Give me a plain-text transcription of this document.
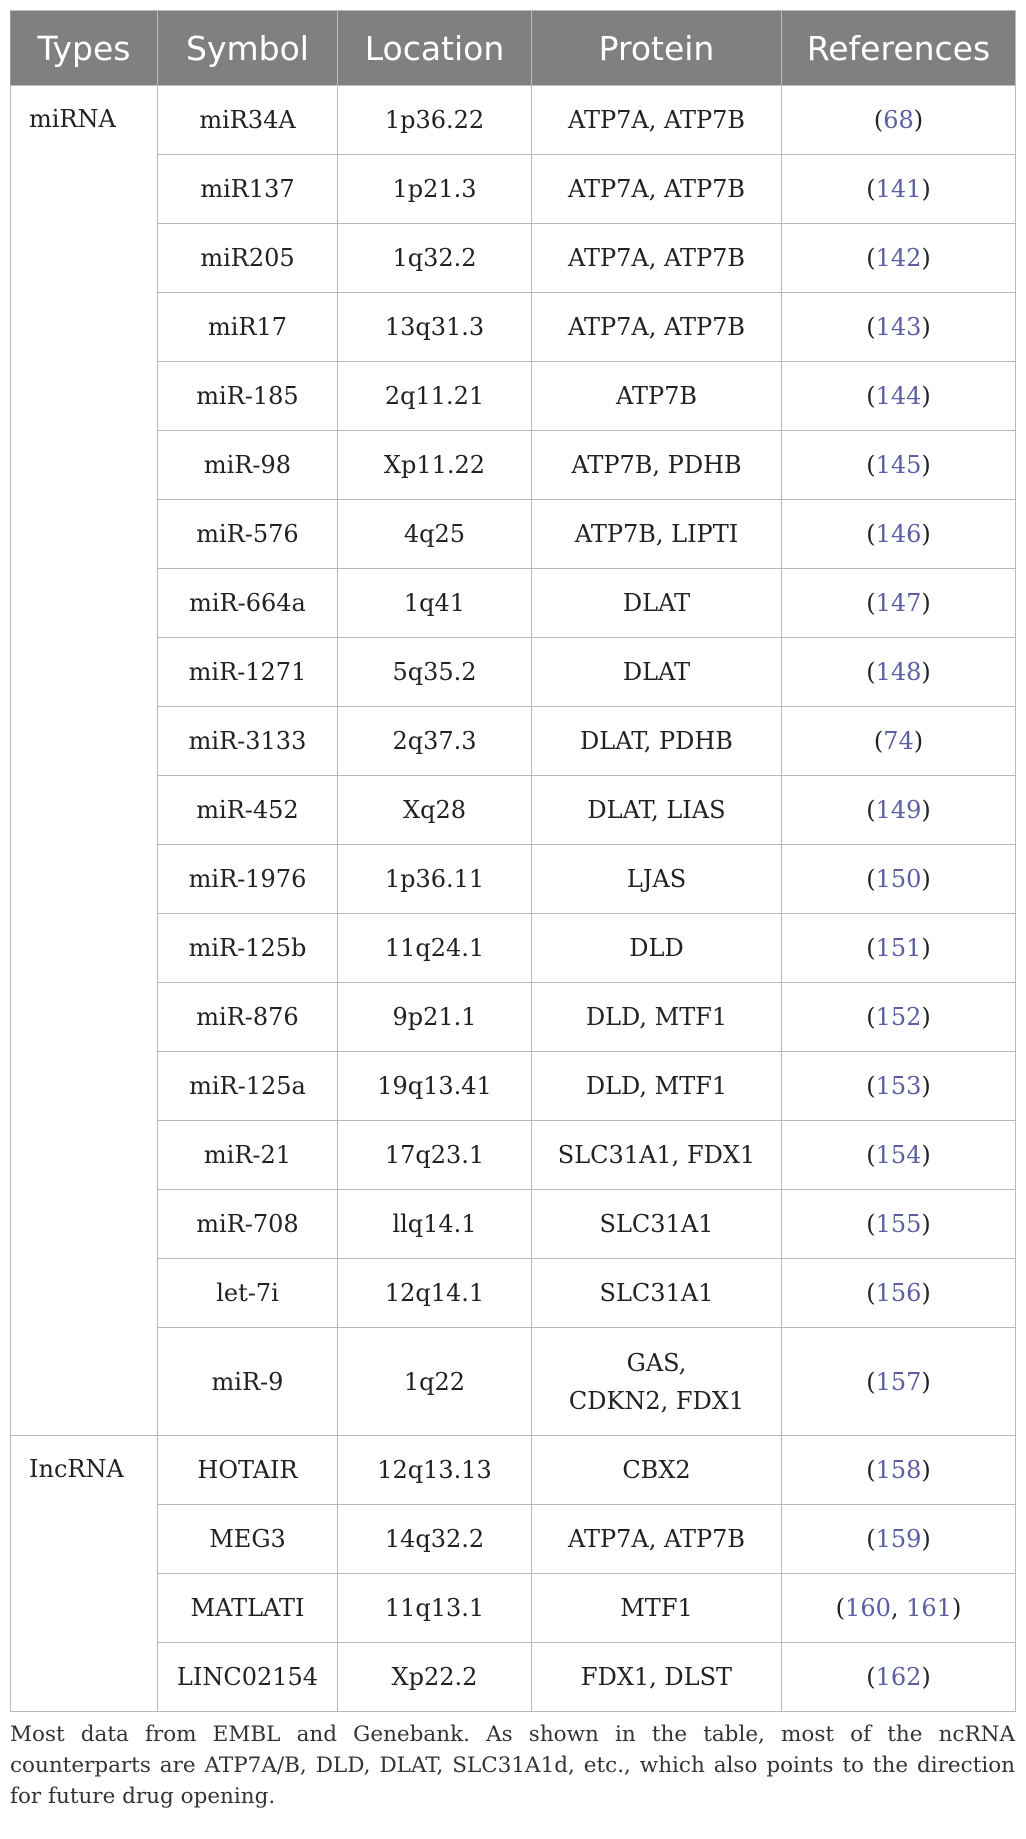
Types	Symbol	Location	Protein	References
miRNA	miR34A	1p36.22	ATP7A, ATP7B	(68)
	miR137	1p21.3	ATP7A, ATP7B	(141)
	miR205	1q32.2	ATP7A, ATP7B	(142)
	miR17	13q31.3	ATP7A, ATP7B	(143)
	miR-185	2q11.21	ATP7B	(144)
	miR-98	Xp11.22	ATP7B, PDHB	(145)
	miR-576	4q25	ATP7B, LIPTI	(146)
	miR-664a	1q41	DLAT	(147)
	miR-1271	5q35.2	DLAT	(148)
	miR-3133	2q37.3	DLAT, PDHB	(74)
	miR-452	Xq28	DLAT, LIAS	(149)
	miR-1976	1p36.11	LJAS	(150)
	miR-125b	11q24.1	DLD	(151)
	miR-876	9p21.1	DLD, MTF1	(152)
	miR-125a	19q13.41	DLD, MTF1	(153)
	miR-21	17q23.1	SLC31A1, FDX1	(154)
	miR-708	llq14.1	SLC31A1	(155)
	let-7i	12q14.1	SLC31A1	(156)
	miR-9	1q22	GAS,
CDKN2, FDX1	(157)
IncRNA	HOTAIR	12q13.13	CBX2	(158)
	MEG3	14q32.2	ATP7A, ATP7B	(159)
	MATLATI	11q13.1	MTF1	(160, 161)
	LINC02154	Xp22.2	FDX1, DLST	(162)

Most data from EMBL and Genebank. As shown in the table, most of the ncRNA counterparts are ATP7A/B, DLD, DLAT, SLC31A1d, etc., which also points to the direction for future drug opening.
